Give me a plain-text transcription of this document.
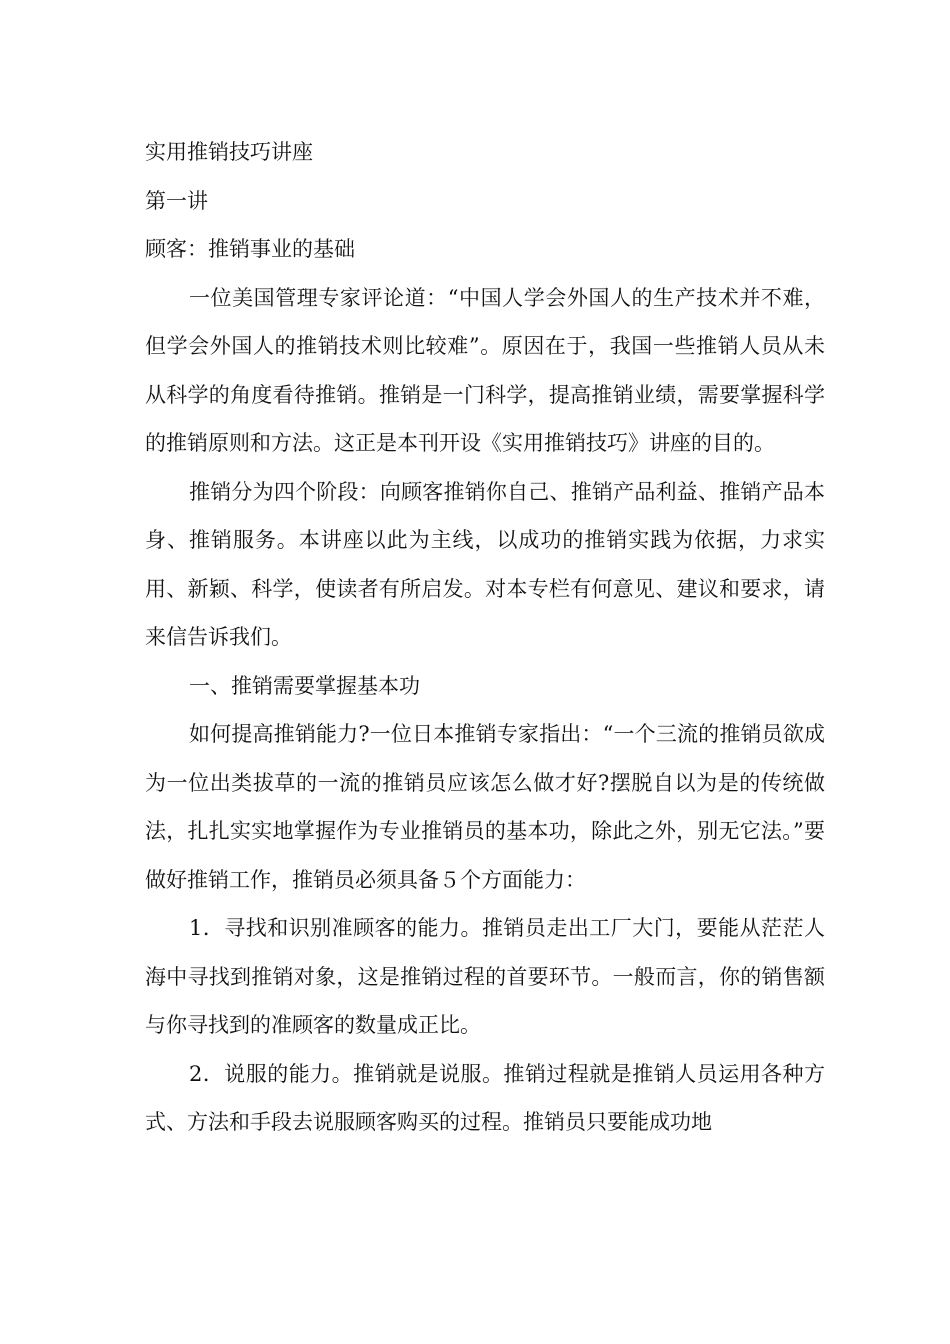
实用推销技巧讲座

第一讲

顾客：推销事业的基础

一位美国管理专家评论道：“中国人学会外国人的生产技术并不难，但学会外国人的推销技术则比较难”。原因在于，我国一些推销人员从未从科学的角度看待推销。推销是一门科学，提高推销业绩，需要掌握科学的推销原则和方法。这正是本刊开设《实用推销技巧》讲座的目的。

推销分为四个阶段：向顾客推销你自己、推销产品利益、推销产品本身、推销服务。本讲座以此为主线，以成功的推销实践为依据，力求实用、新颖、科学，使读者有所启发。对本专栏有何意见、建议和要求，请来信告诉我们。

一、推销需要掌握基本功

如何提高推销能力?一位日本推销专家指出：“一个三流的推销员欲成为一位出类拔草的一流的推销员应该怎么做才好?摆脱自以为是的传统做法，扎扎实实地掌握作为专业推销员的基本功，除此之外，别无它法。”要做好推销工作，推销员必须具备５个方面能力：

1．寻找和识别准顾客的能力。推销员走出工厂大门，要能从茫茫人海中寻找到推销对象，这是推销过程的首要环节。一般而言，你的销售额与你寻找到的准顾客的数量成正比。

2．说服的能力。推销就是说服。推销过程就是推销人员运用各种方式、方法和手段去说服顾客购买的过程。推销员只要能成功地
